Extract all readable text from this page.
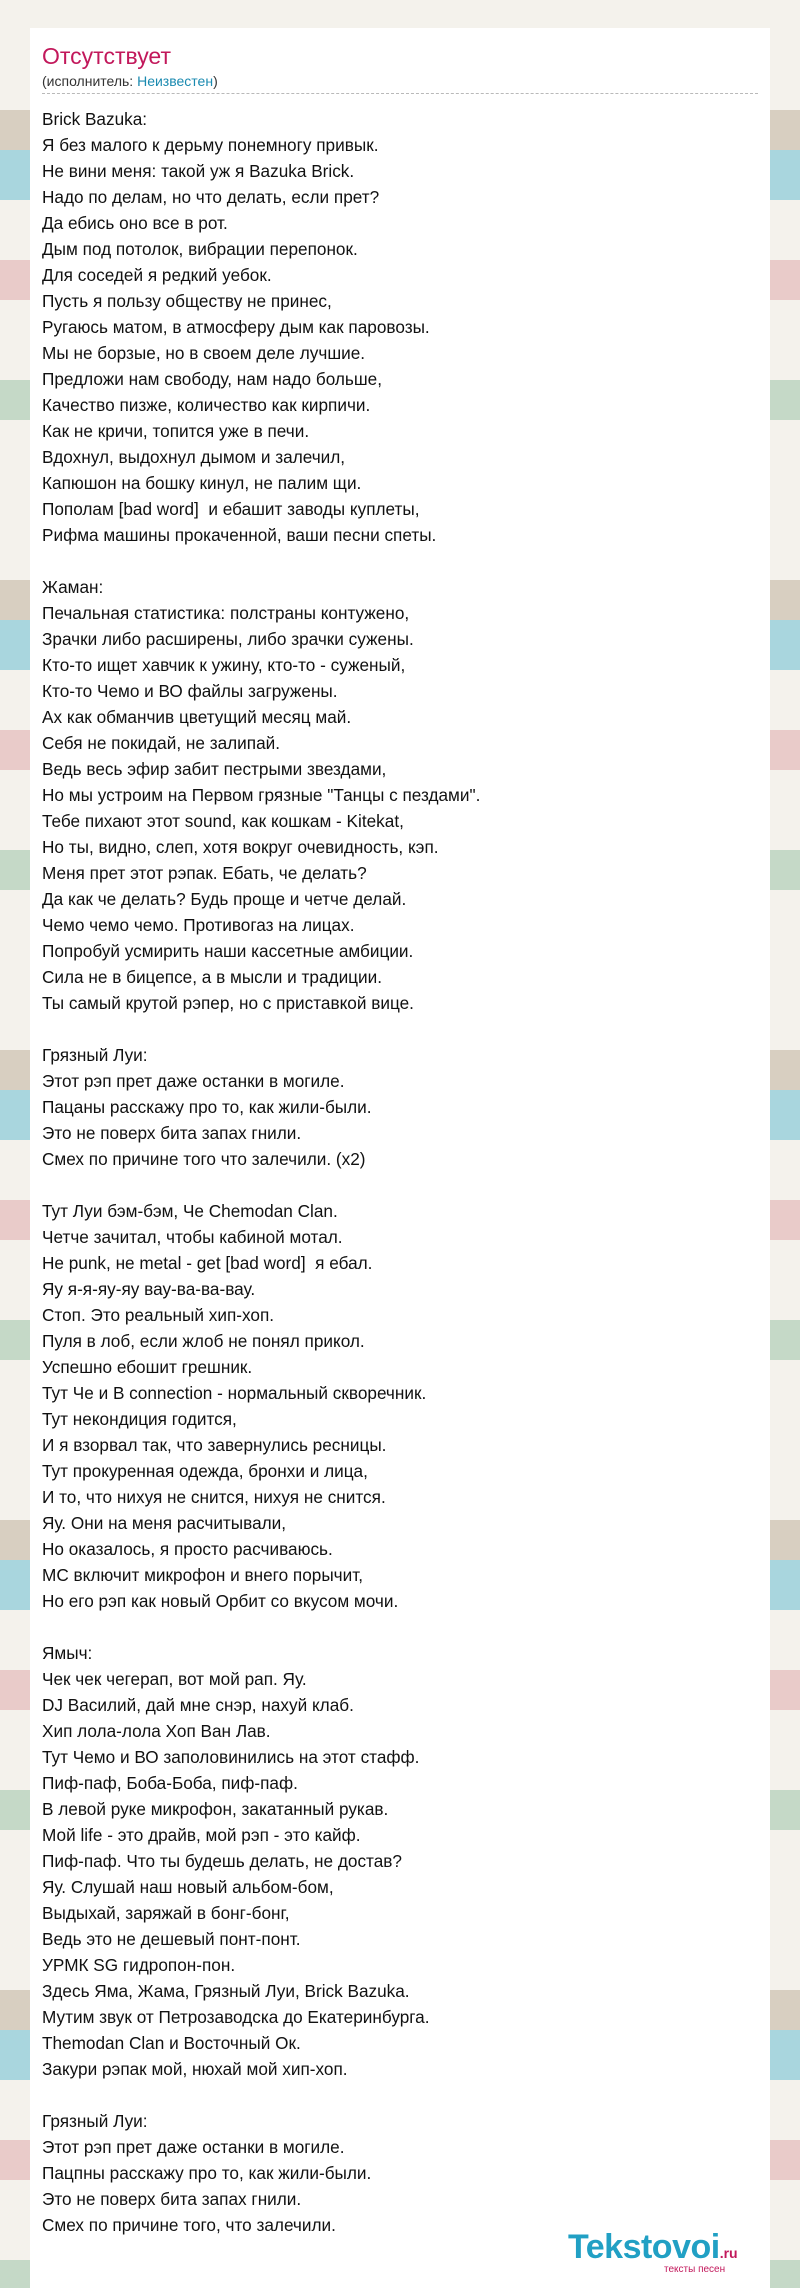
Отсутствует
(исполнитель: Неизвестен)
Brick Bazuka:
Я без малого к дерьму понемногу привык.
Не вини меня: такой уж я Bazuka Brick.
Надо по делам, но что делать, если прет?
Да ебись оно все в рот.
Дым под потолок, вибрации перепонок.
Для соседей я редкий уебок.
Пусть я пользу обществу не принес,
Ругаюсь матом, в атмосферу дым как паровозы.
Мы не борзые, но в своем деле лучшие.
Предложи нам свободу, нам надо больше,
Качество пизже, количество как кирпичи.
Как не кричи, топится уже в печи.
Вдохнул, выдохнул дымом и залечил,
Капюшон на бошку кинул, не палим щи.
Пополам [bad word]  и ебашит заводы куплеты,
Рифма машины прокаченной, ваши песни спеты.
Жаман:
Печальная статистика: полстраны контужено,
Зрачки либо расширены, либо зрачки сужены.
Кто-то ищет хавчик к ужину, кто-то - суженый,
Кто-то Чемо и ВО файлы загружены.
Ах как обманчив цветущий месяц май.
Себя не покидай, не залипай.
Ведь весь эфир забит пестрыми звездами,
Но мы устроим на Первом грязные "Танцы с пездами".
Тебе пихают этот sound, как кошкам - Kitekat,
Но ты, видно, слеп, хотя вокруг очевидность, кэп.
Меня прет этот рэпак. Ебать, че делать?
Да как че делать? Будь проще и четче делай.
Чемо чемо чемо. Противогаз на лицах.
Попробуй усмирить наши кассетные амбиции.
Сила не в бицепсе, а в мысли и традиции.
Ты самый крутой рэпер, но с приставкой вице.
Грязный Луи:
Этот рэп прет даже останки в могиле.
Пацаны расскажу про то, как жили-были.
Это не поверх бита запах гнили.
Смех по причине того что залечили. (х2)
Тут Луи бэм-бэм, Че Chemodan Clan.
Четче зачитал, чтобы кабиной мотал.
Не punk, не metal - get [bad word]  я ебал.
Яу я-я-яу-яу вау-ва-ва-вау.
Стоп. Это реальный хип-хоп.
Пуля в лоб, если жлоб не понял прикол.
Успешно ебошит грешник.
Тут Че и В connection - нормальный скворечник.
Тут некондиция годится,
И я взорвал так, что завернулись ресницы.
Тут прокуренная одежда, бронхи и лица,
И то, что нихуя не снится, нихуя не снится.
Яу. Они на меня расчитывали,
Но оказалось, я просто расчиваюсь.
МС включит микрофон и внего порычит,
Но его рэп как новый Орбит со вкусом мочи.
Ямыч:
Чек чек чегерап, вот мой рап. Яу.
DJ Василий, дай мне снэр, нахуй клаб.
Хип лола-лола Хоп Ван Лав.
Тут Чемо и ВО заполовинились на этот стафф.
Пиф-паф, Боба-Боба, пиф-паф.
В левой руке микрофон, закатанный рукав.
Мой life - это драйв, мой рэп - это кайф.
Пиф-паф. Что ты будешь делать, не достав?
Яу. Слушай наш новый альбом-бом,
Выдыхай, заряжай в бонг-бонг,
Ведь это не дешевый понт-понт.
УРМК SG гидропон-пон.
Здесь Яма, Жама, Грязный Луи, Brick Bazuka.
Мутим звук от Петрозаводска до Екатеринбурга.
Themodan Clan и Восточный Ок.
Закури рэпак мой, нюхай мой хип-хоп.
Грязный Луи:
Этот рэп прет даже останки в могиле.
Пацпны расскажу про то, как жили-были.
Это не поверх бита запах гнили.
Смех по причине того, что залечили.
Tekstovoi.ru
тексты песен
